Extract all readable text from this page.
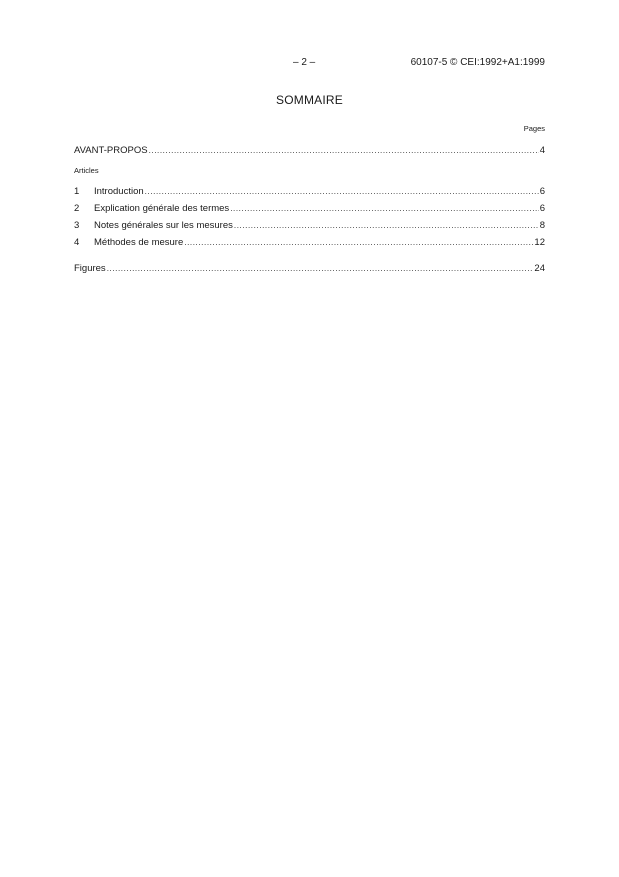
– 2 –	60107-5 © CEI:1992+A1:1999
SOMMAIRE
Pages
AVANT-PROPOS .....	4
Articles
1	Introduction .....	6
2	Explication générale des termes .....	6
3	Notes générales sur les mesures .....	8
4	Méthodes de mesure .....	12
Figures .....	24
